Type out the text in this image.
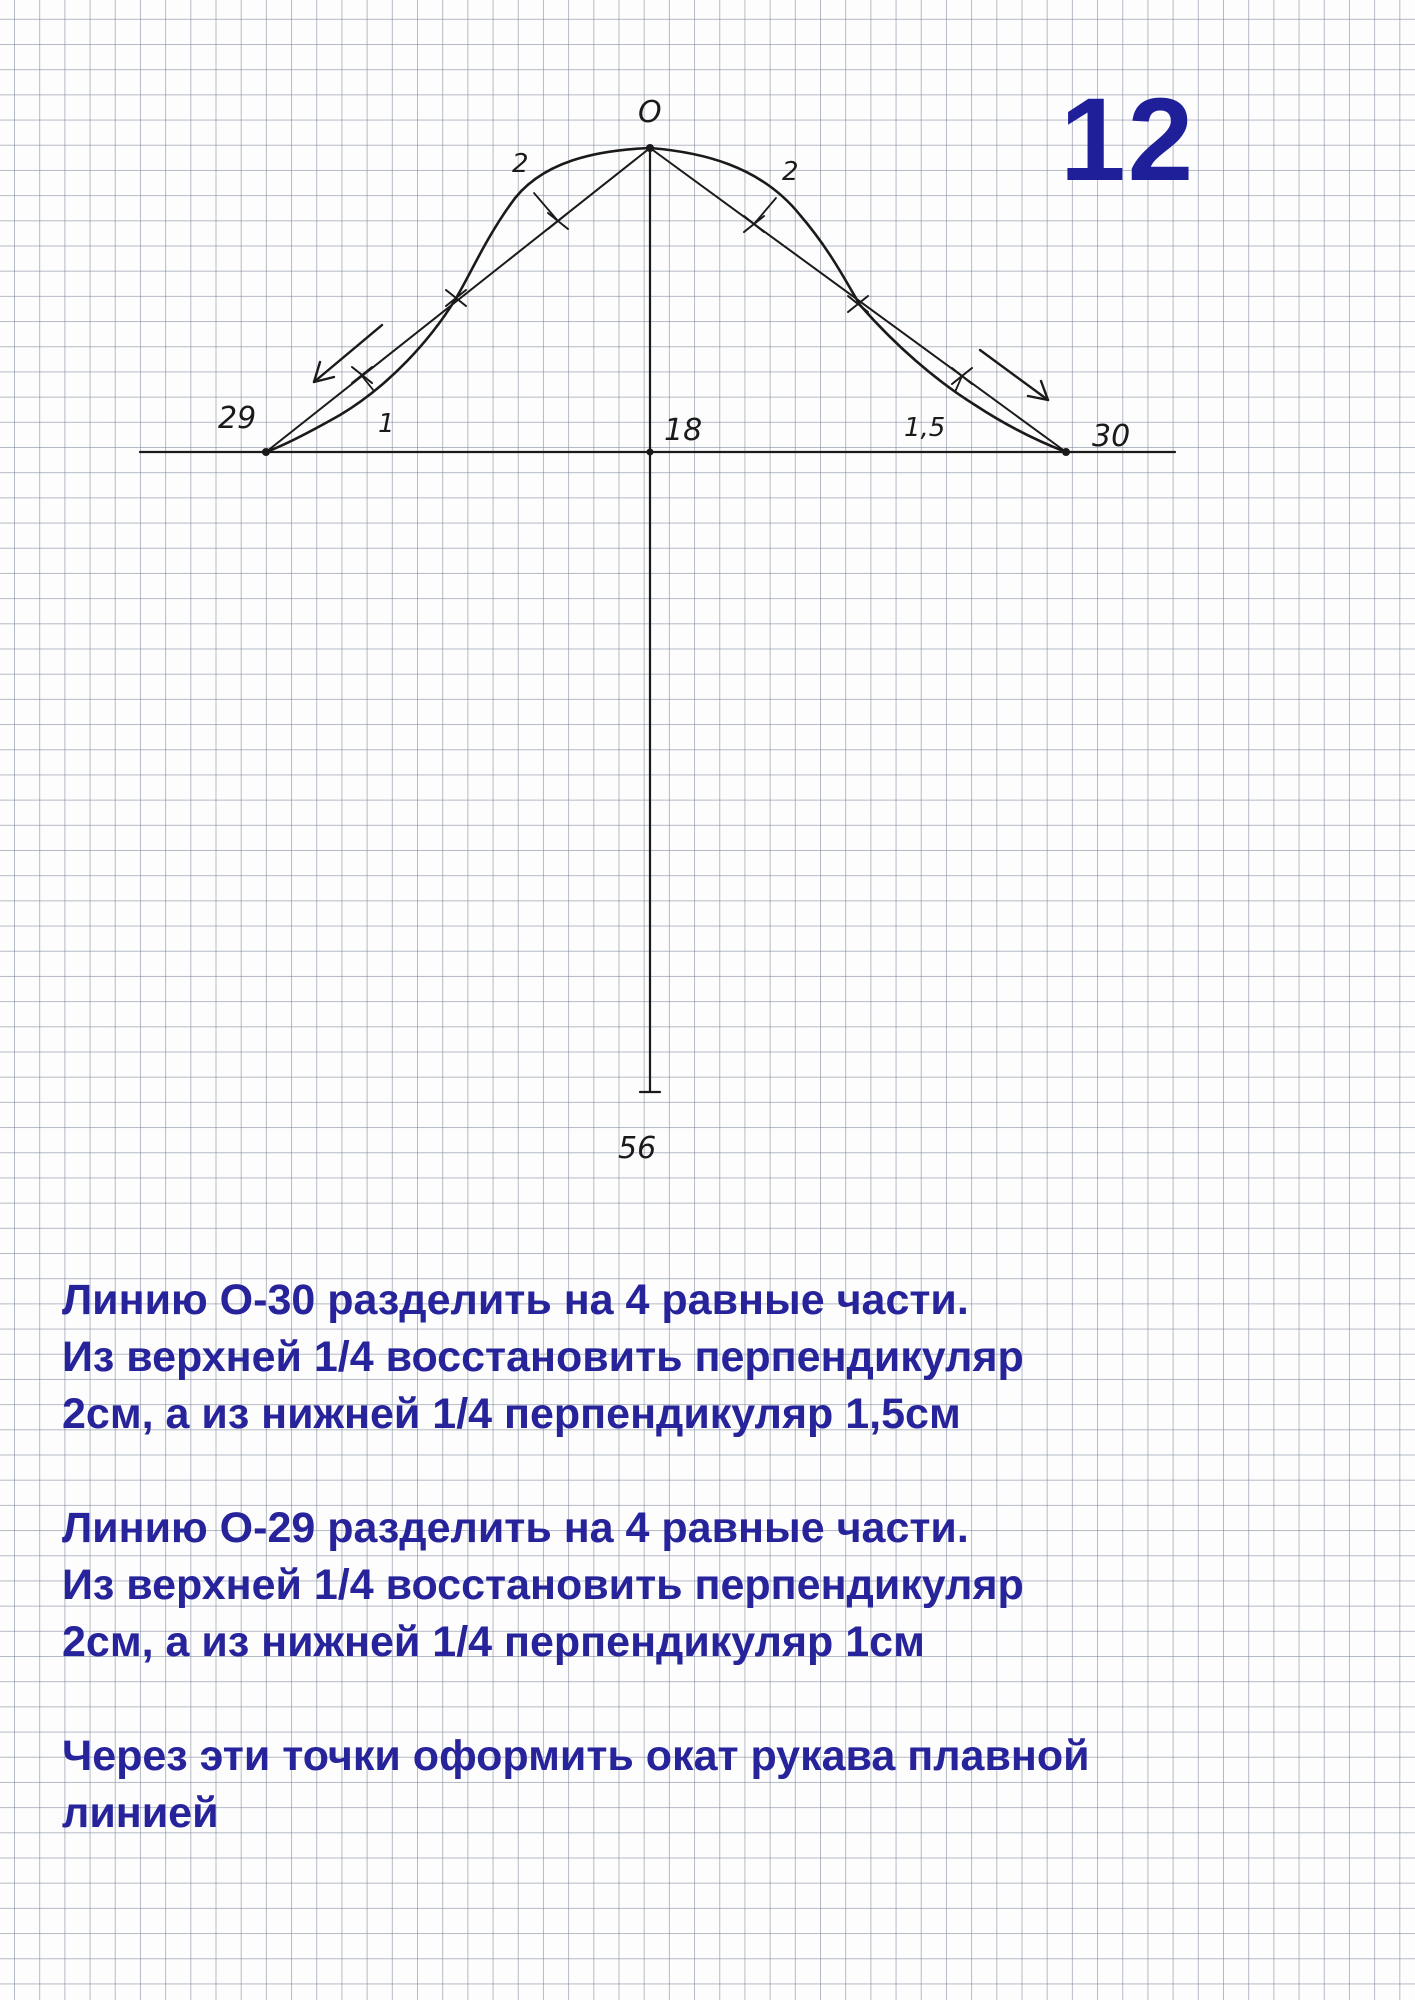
О
29	18	30
56
2	2
1	1,5
12

Линию О-30 разделить на 4 равные части.
Из верхней 1/4 восстановить перпендикуляр
2см, а из нижней 1/4 перпендикуляр 1,5см

Линию О-29 разделить на 4 равные части.
Из верхней 1/4 восстановить перпендикуляр
2см, а из нижней 1/4 перпендикуляр 1см

Через эти точки оформить окат рукава плавной
линией
